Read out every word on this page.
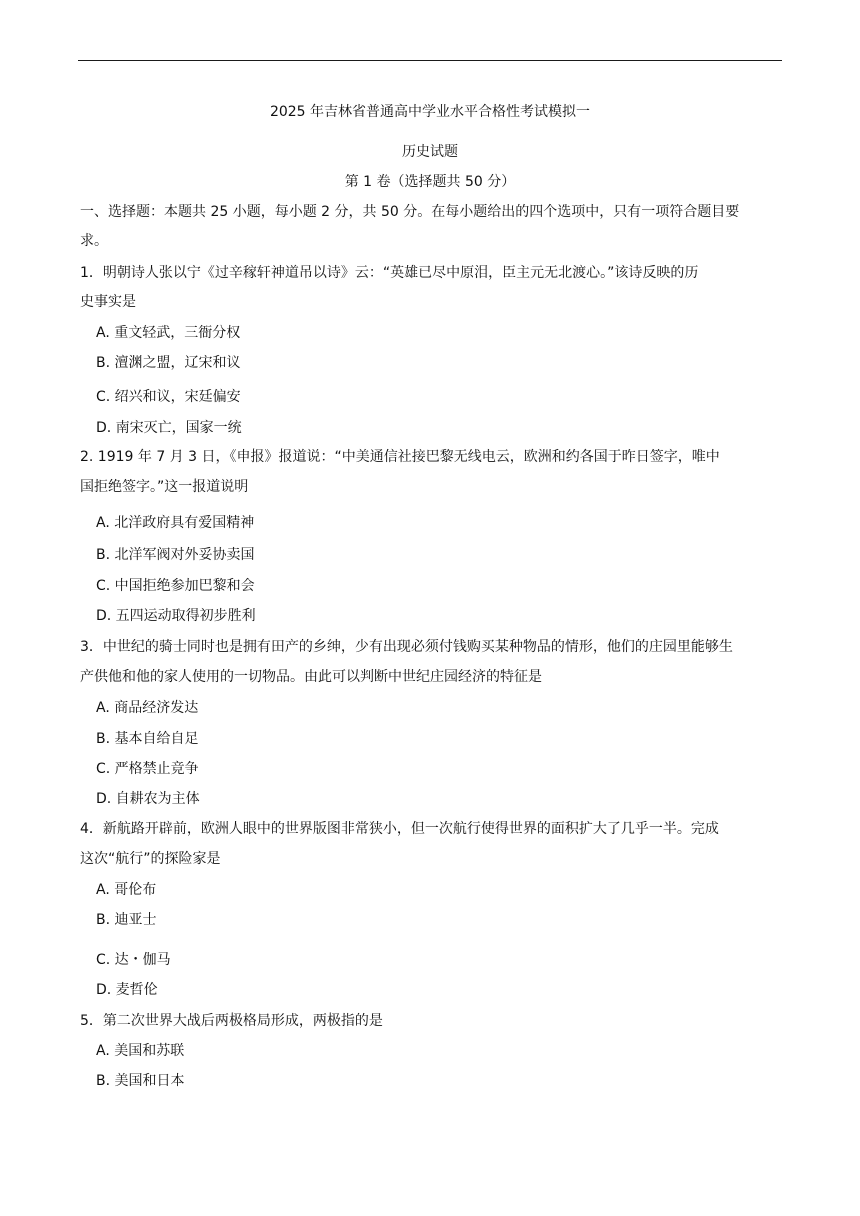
2025 年吉林省普通高中学业水平合格性考试模拟一
历史试题
第 1 卷（选择题共 50 分）
一、选择题：本题共 25 小题，每小题 2 分，共 50 分。在每小题给出的四个选项中，只有一项符合题目要
求。
1．明朝诗人张以宁《过辛稼轩神道吊以诗》云：“英雄已尽中原泪，臣主元无北渡心。”该诗反映的历
史事实是
A. 重文轻武，三衙分权
B. 澶渊之盟，辽宋和议
C. 绍兴和议，宋廷偏安
D. 南宋灭亡，国家一统
2. 1919 年 7 月 3 日，《申报》报道说：“中美通信社接巴黎无线电云，欧洲和约各国于昨日签字，唯中
国拒绝签字。”这一报道说明
A. 北洋政府具有爱国精神
B. 北洋军阀对外妥协卖国
C. 中国拒绝参加巴黎和会
D. 五四运动取得初步胜利
3．中世纪的骑士同时也是拥有田产的乡绅，少有出现必须付钱购买某种物品的情形，他们的庄园里能够生
产供他和他的家人使用的一切物品。由此可以判断中世纪庄园经济的特征是
A. 商品经济发达
B. 基本自给自足
C. 严格禁止竞争
D. 自耕农为主体
4．新航路开辟前，欧洲人眼中的世界版图非常狭小，但一次航行使得世界的面积扩大了几乎一半。完成
这次“航行”的探险家是
A. 哥伦布
B. 迪亚士
C. 达・伽马
D. 麦哲伦
5．第二次世界大战后两极格局形成，两极指的是
A. 美国和苏联
B. 美国和日本
